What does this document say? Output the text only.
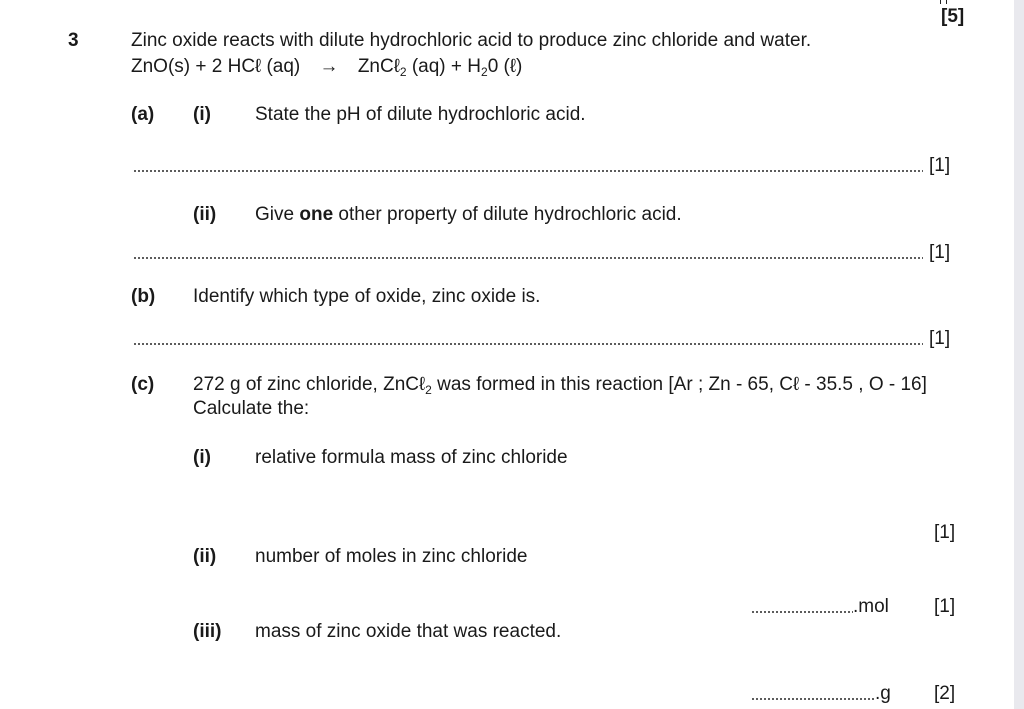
[5]
3	Zinc oxide reacts with dilute hydrochloric acid to produce zinc chloride and water.
ZnO(s) + 2 HCℓ (aq) → ZnCℓ$_2$ $(aq) + H_20$ (ℓ)
(a) (i) State the pH of dilute hydrochloric acid.
[1]
(ii) Give one other property of dilute hydrochloric acid.
[1]
(b) Identify which type of oxide, zinc oxide is.
[1]
(c) 272 g of zinc chloride, ZnCℓ$_2$ was formed in this reaction [Ar ; Zn - 65, Cℓ - 35.5 , O - 16]
Calculate the:
(i) relative formula mass of zinc chloride
[1]
(ii) number of moles in zinc chloride
.mol [1]
(iii) mass of zinc oxide that was reacted.
.g [2]
